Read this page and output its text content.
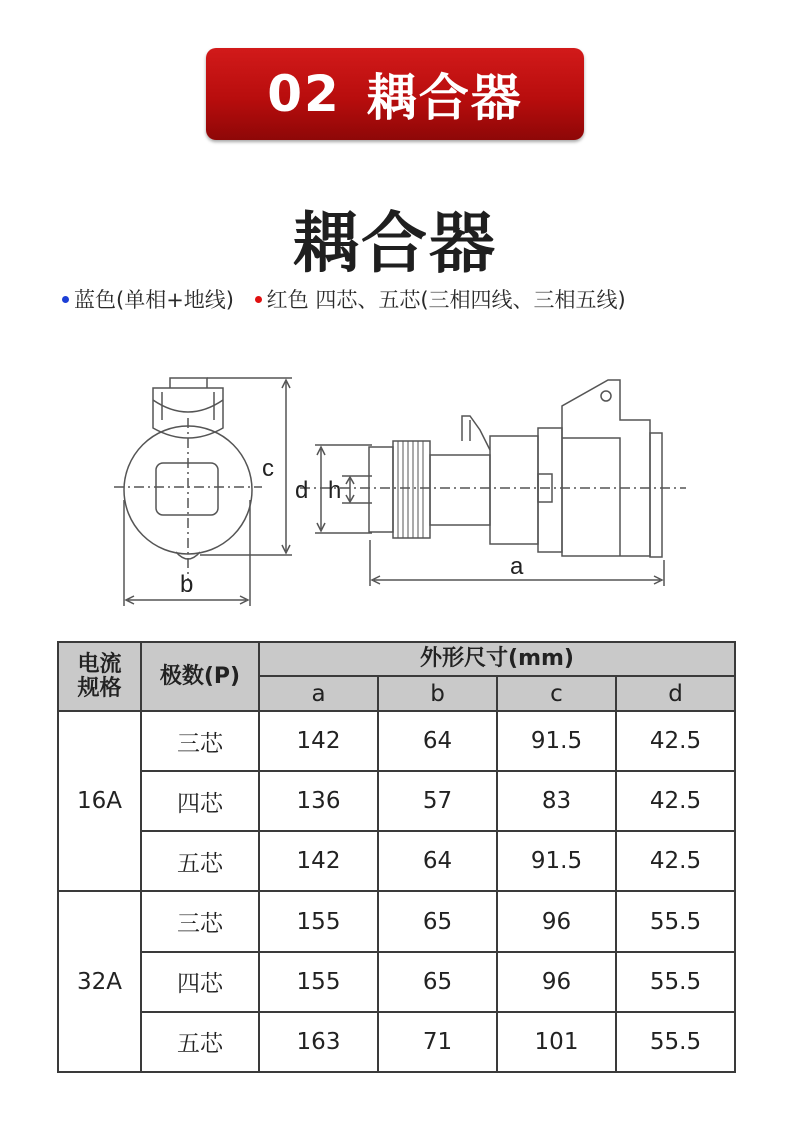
02 耦合器
耦合器
蓝色(单相+地线) 红色 四芯、五芯(三相四线、三相五线)
c
b
d h
a
电流
规格	极数(P)	外形尺寸(mm)			
		a	b	c	d
16A	三芯	142	64	91.5	42.5
	四芯	136	57	83	42.5
	五芯	142	64	91.5	42.5
32A	三芯	155	65	96	55.5
	四芯	155	65	96	55.5
	五芯	163	71	101	55.5
